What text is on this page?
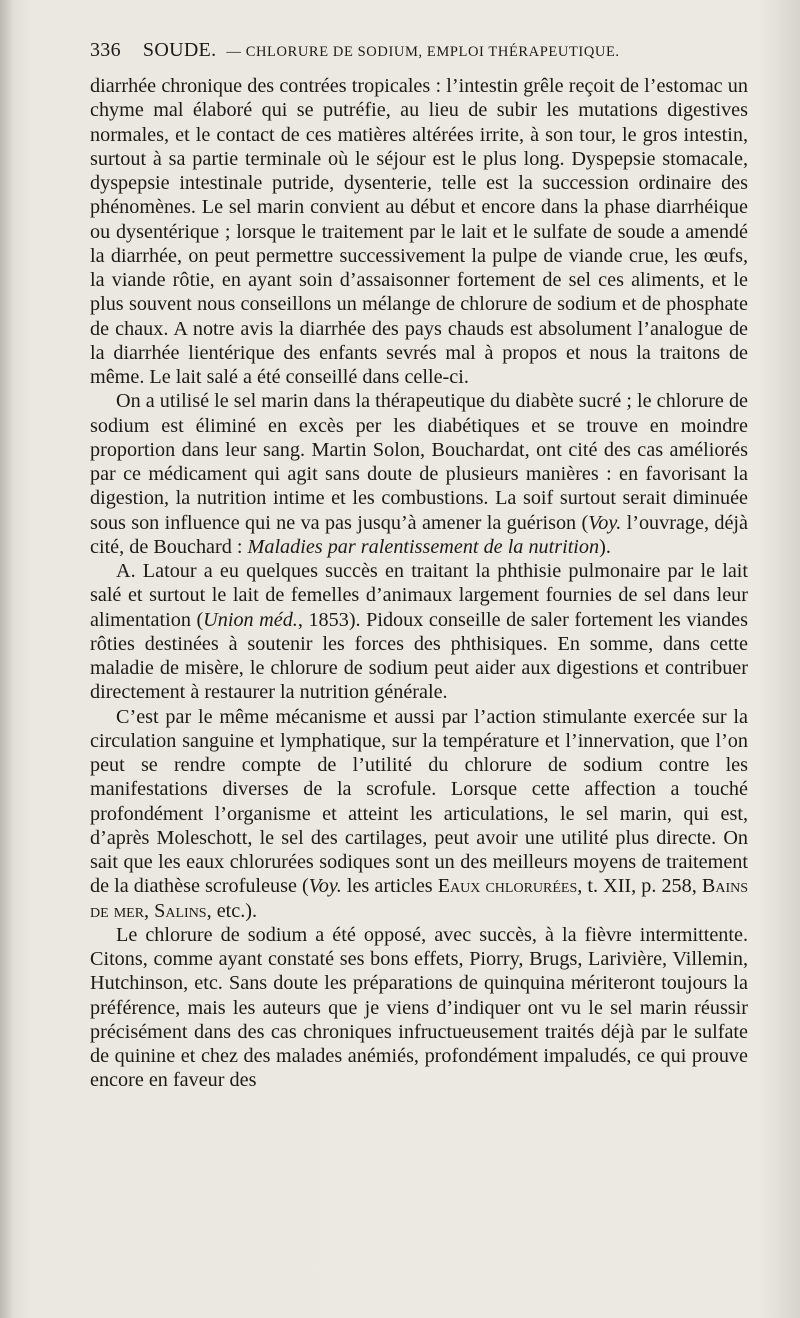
336 SOUDE. — CHLORURE DE SODIUM, EMPLOI THÉRAPEUTIQUE.

diarrhée chronique des contrées tropicales : l’intestin grêle reçoit de l’estomac un chyme mal élaboré qui se putréfie, au lieu de subir les mutations digestives normales, et le contact de ces matières altérées irrite, à son tour, le gros intestin, surtout à sa partie terminale où le séjour est le plus long. Dyspepsie stomacale, dyspepsie intestinale putride, dysenterie, telle est la succession ordinaire des phénomènes. Le sel marin convient au début et encore dans la phase diarrhéique ou dysentérique ; lorsque le traitement par le lait et le sulfate de soude a amendé la diarrhée, on peut permettre successivement la pulpe de viande crue, les œufs, la viande rôtie, en ayant soin d’assaisonner fortement de sel ces aliments, et le plus souvent nous conseillons un mélange de chlorure de sodium et de phosphate de chaux. A notre avis la diarrhée des pays chauds est absolument l’analogue de la diarrhée lientérique des enfants sevrés mal à propos et nous la traitons de même. Le lait salé a été conseillé dans celle-ci.

On a utilisé le sel marin dans la thérapeutique du diabète sucré ; le chlorure de sodium est éliminé en excès per les diabétiques et se trouve en moindre proportion dans leur sang. Martin Solon, Bouchardat, ont cité des cas améliorés par ce médicament qui agit sans doute de plusieurs manières : en favorisant la digestion, la nutrition intime et les combustions. La soif surtout serait diminuée sous son influence qui ne va pas jusqu’à amener la guérison (Voy. l’ouvrage, déjà cité, de Bouchard : Maladies par ralentissement de la nutrition).

A. Latour a eu quelques succès en traitant la phthisie pulmonaire par le lait salé et surtout le lait de femelles d’animaux largement fournies de sel dans leur alimentation (Union méd., 1853). Pidoux conseille de saler fortement les viandes rôties destinées à soutenir les forces des phthisiques. En somme, dans cette maladie de misère, le chlorure de sodium peut aider aux digestions et contribuer directement à restaurer la nutrition générale.

C’est par le même mécanisme et aussi par l’action stimulante exercée sur la circulation sanguine et lymphatique, sur la température et l’innervation, que l’on peut se rendre compte de l’utilité du chlorure de sodium contre les manifestations diverses de la scrofule. Lorsque cette affection a touché profondément l’organisme et atteint les articulations, le sel marin, qui est, d’après Moleschott, le sel des cartilages, peut avoir une utilité plus directe. On sait que les eaux chlorurées sodiques sont un des meilleurs moyens de traitement de la diathèse scrofuleuse (Voy. les articles Eaux chlorurées, t. XII, p. 258, Bains de mer, Salins, etc.).

Le chlorure de sodium a été opposé, avec succès, à la fièvre intermittente. Citons, comme ayant constaté ses bons effets, Piorry, Brugs, Larivière, Villemin, Hutchinson, etc. Sans doute les préparations de quinquina mériteront toujours la préférence, mais les auteurs que je viens d’indiquer ont vu le sel marin réussir précisément dans des cas chroniques infructueusement traités déjà par le sulfate de quinine et chez des malades anémiés, profondément impaludés, ce qui prouve encore en faveur des
